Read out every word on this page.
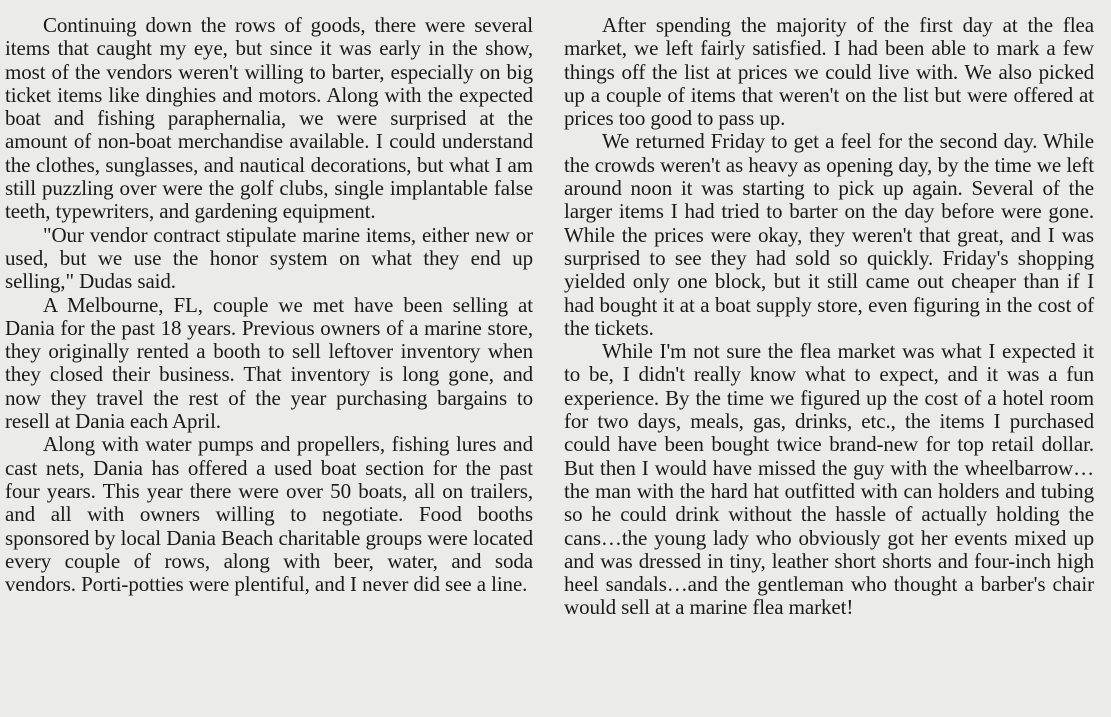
Continuing down the rows of goods, there were several items that caught my eye, but since it was early in the show, most of the vendors weren't willing to barter, especially on big ticket items like dinghies and motors. Along with the expected boat and fishing paraphernalia, we were surprised at the amount of non-boat merchandise available. I could understand the clothes, sunglasses, and nautical decorations, but what I am still puzzling over were the golf clubs, single implantable false teeth, typewriters, and gardening equipment.

"Our vendor contract stipulate marine items, either new or used, but we use the honor system on what they end up selling," Dudas said.

A Melbourne, FL, couple we met have been selling at Dania for the past 18 years. Previous owners of a marine store, they originally rented a booth to sell leftover inventory when they closed their business. That inventory is long gone, and now they travel the rest of the year purchasing bargains to resell at Dania each April.

Along with water pumps and propellers, fishing lures and cast nets, Dania has offered a used boat section for the past four years. This year there were over 50 boats, all on trailers, and all with owners willing to negotiate. Food booths sponsored by local Dania Beach charitable groups were located every couple of rows, along with beer, water, and soda vendors. Porti-potties were plentiful, and I never did see a line.

After spending the majority of the first day at the flea market, we left fairly satisfied. I had been able to mark a few things off the list at prices we could live with. We also picked up a couple of items that weren't on the list but were offered at prices too good to pass up.

We returned Friday to get a feel for the second day. While the crowds weren't as heavy as opening day, by the time we left around noon it was starting to pick up again. Several of the larger items I had tried to barter on the day before were gone. While the prices were okay, they weren't that great, and I was surprised to see they had sold so quickly. Friday's shopping yielded only one block, but it still came out cheaper than if I had bought it at a boat supply store, even figuring in the cost of the tickets.

While I'm not sure the flea market was what I expected it to be, I didn't really know what to expect, and it was a fun experience. By the time we figured up the cost of a hotel room for two days, meals, gas, drinks, etc., the items I purchased could have been bought twice brand-new for top retail dollar. But then I would have missed the guy with the wheelbarrow…the man with the hard hat outfitted with can holders and tubing so he could drink without the hassle of actually holding the cans…the young lady who obviously got her events mixed up and was dressed in tiny, leather short shorts and four-inch high heel sandals…and the gentleman who thought a barber's chair would sell at a marine flea market!
